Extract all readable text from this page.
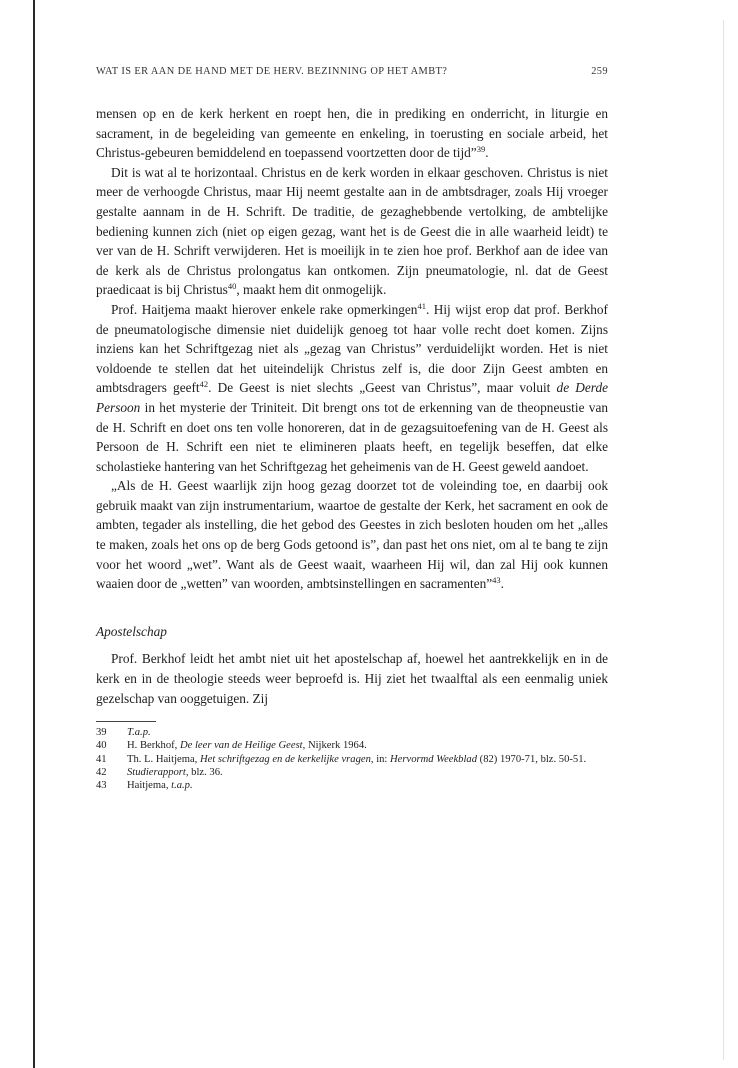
WAT IS ER AAN DE HAND MET DE HERV. BEZINNING OP HET AMBT?	259

mensen op en de kerk herkent en roept hen, die in prediking en onderricht, in liturgie en sacrament, in de begeleiding van gemeente en enkeling, in toerusting en sociale arbeid, het Christus-gebeuren bemiddelend en toepassend voortzetten door de tijd”$^{39}$.

Dit is wat al te horizontaal. Christus en de kerk worden in elkaar geschoven. Christus is niet meer de verhoogde Christus, maar Hij neemt gestalte aan in de ambtsdrager, zoals Hij vroeger gestalte aannam in de H. Schrift. De traditie, de gezaghebbende vertolking, de ambtelijke bediening kunnen zich (niet op eigen gezag, want het is de Geest die in alle waarheid leidt) te ver van de H. Schrift verwijderen. Het is moeilijk in te zien hoe prof. Berkhof aan de idee van de kerk als de Christus prolongatus kan ontkomen. Zijn pneumatologie, nl. dat de Geest praedicaat is bij Christus$^{40}$, maakt hem dit onmogelijk.

Prof. Haitjema maakt hierover enkele rake opmerkingen$^{41}$. Hij wijst erop dat prof. Berkhof de pneumatologische dimensie niet duidelijk genoeg tot haar volle recht doet komen. Zijns inziens kan het Schriftgezag niet als „gezag van Christus” verduidelijkt worden. Het is niet voldoende te stellen dat het uiteindelijk Christus zelf is, die door Zijn Geest ambten en ambtsdragers geeft$^{42}$. De Geest is niet slechts „Geest van Christus”, maar voluit de Derde Persoon in het mysterie der Triniteit. Dit brengt ons tot de erkenning van de theopneustie van de H. Schrift en doet ons ten volle honoreren, dat in de gezagsuitoefening van de H. Geest als Persoon de H. Schrift een niet te elimineren plaats heeft, en tegelijk beseffen, dat elke scholastieke hantering van het Schriftgezag het geheimenis van de H. Geest geweld aandoet.

„Als de H. Geest waarlijk zijn hoog gezag doorzet tot de voleinding toe, en daarbij ook gebruik maakt van zijn instrumentarium, waartoe de gestalte der Kerk, het sacrament en ook de ambten, tegader als instelling, die het gebod des Geestes in zich besloten houden om het „alles te maken, zoals het ons op de berg Gods getoond is”, dan past het ons niet, om al te bang te zijn voor het woord „wet”. Want als de Geest waait, waarheen Hij wil, dan zal Hij ook kunnen waaien door de „wetten” van woorden, ambtsinstellingen en sacramenten”$^{43}$.

Apostelschap

Prof. Berkhof leidt het ambt niet uit het apostelschap af, hoewel het aantrekkelijk en in de kerk en in de theologie steeds weer beproefd is. Hij ziet het twaalftal als een eenmalig uniek gezelschap van ooggetuigen. Zij

39	T.a.p.
40	H. Berkhof, De leer van de Heilige Geest, Nijkerk 1964.
41	Th. L. Haitjema, Het schriftgezag en de kerkelijke vragen, in: Hervormd Weekblad (82) 1970-71, blz. 50-51.
42	Studierapport, blz. 36.
43	Haitjema, t.a.p.
